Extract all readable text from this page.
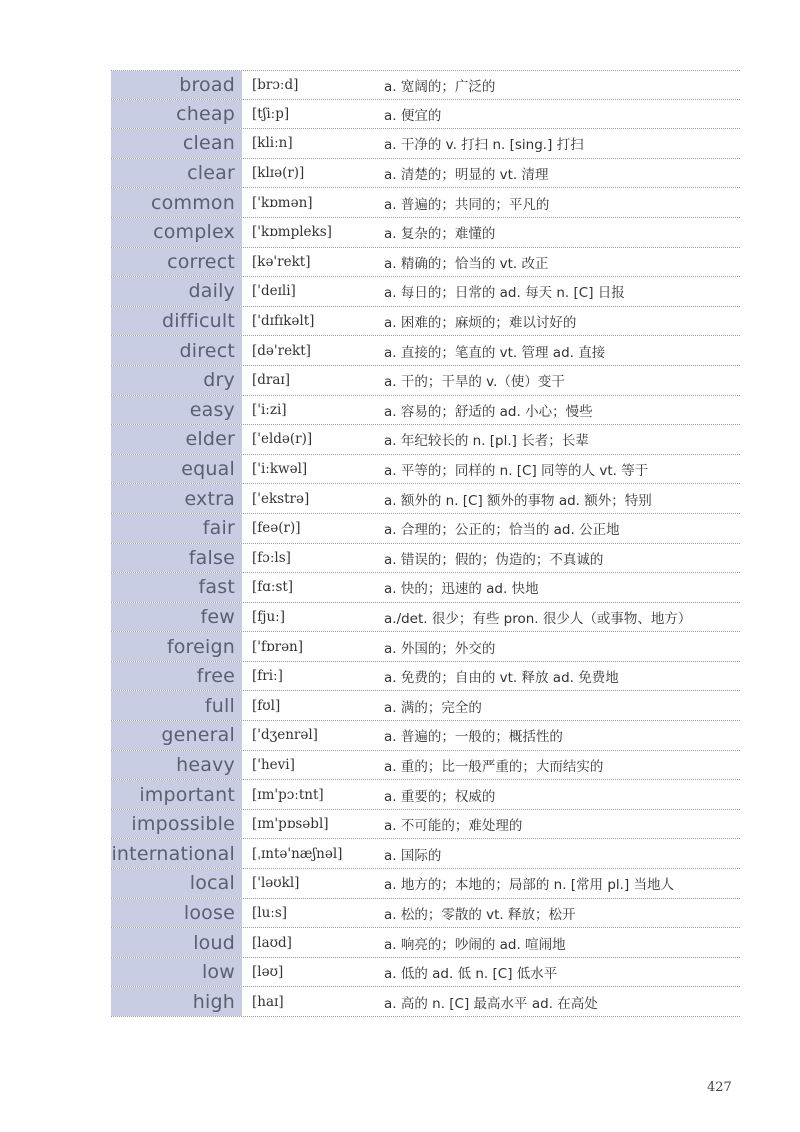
broad	[brɔːd]	a. 宽阔的；广泛的
cheap	[tʃiːp]	a. 便宜的
clean	[kliːn]	a. 干净的 v. 打扫 n. [sing.] 打扫
clear	[klɪə(r)]	a. 清楚的；明显的 vt. 清理
common	['kɒmən]	a. 普遍的；共同的；平凡的
complex	['kɒmpleks]	a. 复杂的；难懂的
correct	[kə'rekt]	a. 精确的；恰当的 vt. 改正
daily	['deɪli]	a. 每日的；日常的 ad. 每天 n. [C] 日报
difficult	['dɪfɪkəlt]	a. 困难的；麻烦的；难以讨好的
direct	[də'rekt]	a. 直接的；笔直的 vt. 管理 ad. 直接
dry	[draɪ]	a. 干的；干旱的 v.（使）变干
easy	['iːzi]	a. 容易的；舒适的 ad. 小心；慢些
elder	['eldə(r)]	a. 年纪较长的 n. [pl.] 长者；长辈
equal	['iːkwəl]	a. 平等的；同样的 n. [C] 同等的人 vt. 等于
extra	['ekstrə]	a. 额外的 n. [C] 额外的事物 ad. 额外；特别
fair	[feə(r)]	a. 合理的；公正的；恰当的 ad. 公正地
false	[fɔːls]	a. 错误的；假的；伪造的；不真诚的
fast	[fɑːst]	a. 快的；迅速的 ad. 快地
few	[fjuː]	a./det. 很少；有些 pron. 很少人（或事物、地方）
foreign	['fɒrən]	a. 外国的；外交的
free	[friː]	a. 免费的；自由的 vt. 释放 ad. 免费地
full	[fʊl]	a. 满的；完全的
general	['dʒenrəl]	a. 普遍的；一般的；概括性的
heavy	['hevi]	a. 重的；比一般严重的；大而结实的
important	[ɪm'pɔːtnt]	a. 重要的；权威的
impossible	[ɪm'pɒsəbl]	a. 不可能的；难处理的
international	[ˌɪntə'næʃnəl]	a. 国际的
local	['ləʊkl]	a. 地方的；本地的；局部的 n. [常用 pl.] 当地人
loose	[luːs]	a. 松的；零散的 vt. 释放；松开
loud	[laʊd]	a. 响亮的；吵闹的 ad. 喧闹地
low	[ləʊ]	a. 低的 ad. 低 n. [C] 低水平
high	[haɪ]	a. 高的 n. [C] 最高水平 ad. 在高处
427
